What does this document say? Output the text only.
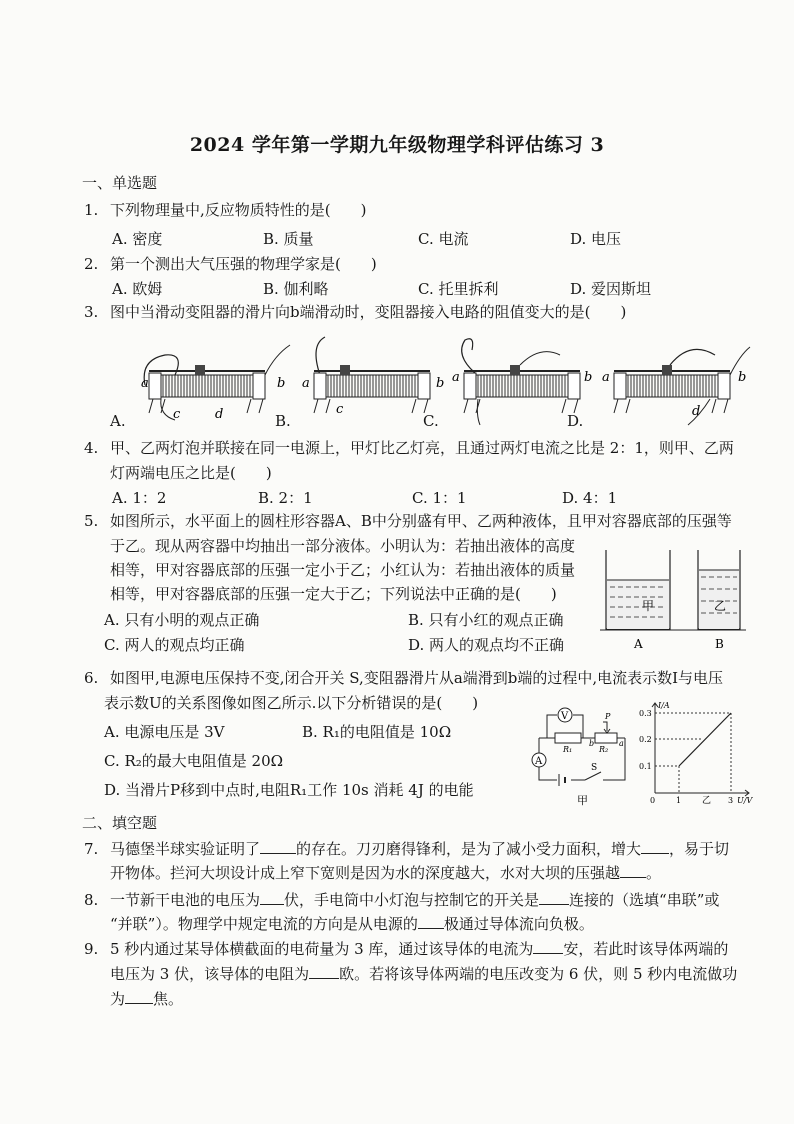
2024 学年第一学期九年级物理学科评估练习 3
一、单选题
1. 下列物理量中,反应物质特性的是(　　)
A. 密度	B. 质量	C. 电流	D. 电压
2. 第一个测出大气压强的物理学家是(　　)
A. 欧姆	B. 伽利略	C. 托里拆利	D. 爱因斯坦
3. 图中当滑动变阻器的滑片向b端滑动时，变阻器接入电路的阻值变大的是(　　)
a	b
c	d
a	b
c
a	b a	b
d
A.	B.	C.	D.
4. 甲、乙两灯泡并联接在同一电源上，甲灯比乙灯亮，且通过两灯电流之比是 2：1，则甲、乙两
灯两端电压之比是(　　)
A. 1：2	B. 2：1	C. 1：1	D. 4：1
5. 如图所示，水平面上的圆柱形容器A、B中分别盛有甲、乙两种液体，且甲对容器底部的压强等
于乙。现从两容器中均抽出一部分液体。小明认为：若抽出液体的高度
相等，甲对容器底部的压强一定小于乙；小红认为：若抽出液体的质量
相等，甲对容器底部的压强一定大于乙；下列说法中正确的是(　　)
A. 只有小明的观点正确	B. 只有小红的观点正确
C. 两人的观点均正确	D. 两人的观点均不正确
甲	乙
A	B
6. 如图甲,电源电压保持不变,闭合开关 S,变阻器滑片从a端滑到b端的过程中,电流表示数I与电压
表示数U的关系图像如图乙所示.以下分析错误的是(　　)
A. 电源电压是 3V	B. R₁的电阻值是 10Ω
C. R₂的最大电阻值是 20Ω
D. 当滑片P移到中点时,电阻R₁工作 10s 消耗 4J 的电能
V
A
S
P
R₁	R₂
b	a
甲
I/A
0.3
0.2
0.1
0	1 乙 3 U/V
二、填空题
7. 马德堡半球实验证明了 的存在。刀刃磨得锋利，是为了减小受力面积，增大 ，易于切
开物体。拦河大坝设计成上窄下宽则是因为水的深度越大，水对大坝的压强越 。
8. 一节新干电池的电压为 伏，手电筒中小灯泡与控制它的开关是 连接的（选填“串联”或
“并联”）。物理学中规定电流的方向是从电源的 极通过导体流向负极。
9. 5 秒内通过某导体横截面的电荷量为 3 库，通过该导体的电流为 安，若此时该导体两端的
电压为 3 伏，该导体的电阻为 欧。若将该导体两端的电压改变为 6 伏，则 5 秒内电流做功
为 焦。
